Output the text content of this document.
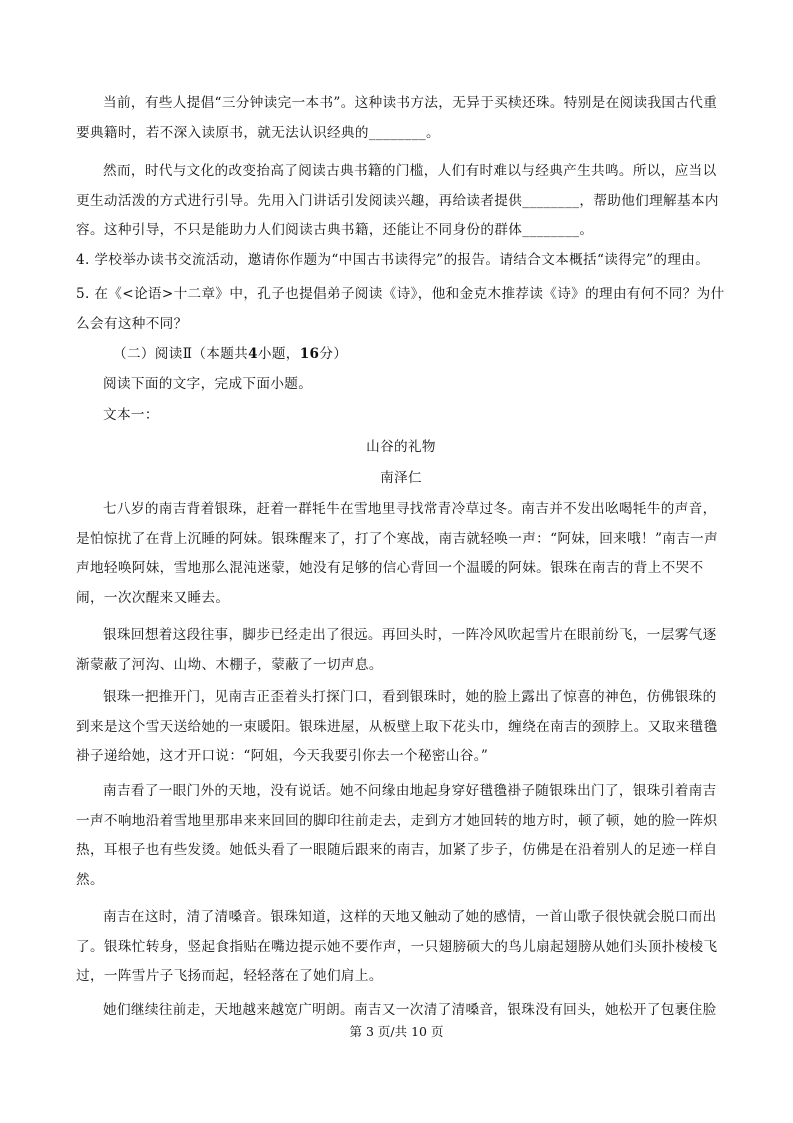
当前，有些人提倡“三分钟读完一本书”。这种读书方法，无异于买椟还珠。特别是在阅读我国古代重要典籍时，若不深入读原书，就无法认识经典的________。

然而，时代与文化的改变抬高了阅读古典书籍的门槛，人们有时难以与经典产生共鸣。所以，应当以更生动活泼的方式进行引导。先用入门讲话引发阅读兴趣，再给读者提供________，帮助他们理解基本内容。这种引导，不只是能助力人们阅读古典书籍，还能让不同身份的群体________。

4. 学校举办读书交流活动，邀请你作题为“中国古书读得完”的报告。请结合文本概括“读得完”的理由。

5. 在《<论语>十二章》中，孔子也提倡弟子阅读《诗》，他和金克木推荐读《诗》的理由有何不同？为什么会有这种不同？

（二）阅读Ⅱ（本题共4小题，16分）

阅读下面的文字，完成下面小题。

文本一：

山谷的礼物

南泽仁

七八岁的南吉背着银珠，赶着一群牦牛在雪地里寻找常青冷草过冬。南吉并不发出吆喝牦牛的声音，是怕惊扰了在背上沉睡的阿妹。银珠醒来了，打了个寒战，南吉就轻唤一声：“阿妹，回来哦！”南吉一声声地轻唤阿妹，雪地那么混沌迷蒙，她没有足够的信心背回一个温暖的阿妹。银珠在南吉的背上不哭不闹，一次次醒来又睡去。

银珠回想着这段往事，脚步已经走出了很远。再回头时，一阵冷风吹起雪片在眼前纷飞，一层雾气逐渐蒙蔽了河沟、山坳、木棚子，蒙蔽了一切声息。

银珠一把推开门，见南吉正歪着头打探门口，看到银珠时，她的脸上露出了惊喜的神色，仿佛银珠的到来是这个雪天送给她的一束暖阳。银珠进屋，从板壁上取下花头巾，缠绕在南吉的颈脖上。又取来氆氇褂子递给她，这才开口说：“阿姐，今天我要引你去一个秘密山谷。”

南吉看了一眼门外的天地，没有说话。她不问缘由地起身穿好氆氇褂子随银珠出门了，银珠引着南吉一声不响地沿着雪地里那串来来回回的脚印往前走去，走到方才她回转的地方时，顿了顿，她的脸一阵炽热，耳根子也有些发烫。她低头看了一眼随后跟来的南吉，加紧了步子，仿佛是在沿着别人的足迹一样自然。

南吉在这时，清了清嗓音。银珠知道，这样的天地又触动了她的感情，一首山歌子很快就会脱口而出了。银珠忙转身，竖起食指贴在嘴边提示她不要作声，一只翅膀硕大的鸟儿扇起翅膀从她们头顶扑棱棱飞过，一阵雪片子飞扬而起，轻轻落在了她们肩上。

她们继续往前走，天地越来越宽广明朗。南吉又一次清了清嗓音，银珠没有回头，她松开了包裹住脸

第 3 页/共 10 页
